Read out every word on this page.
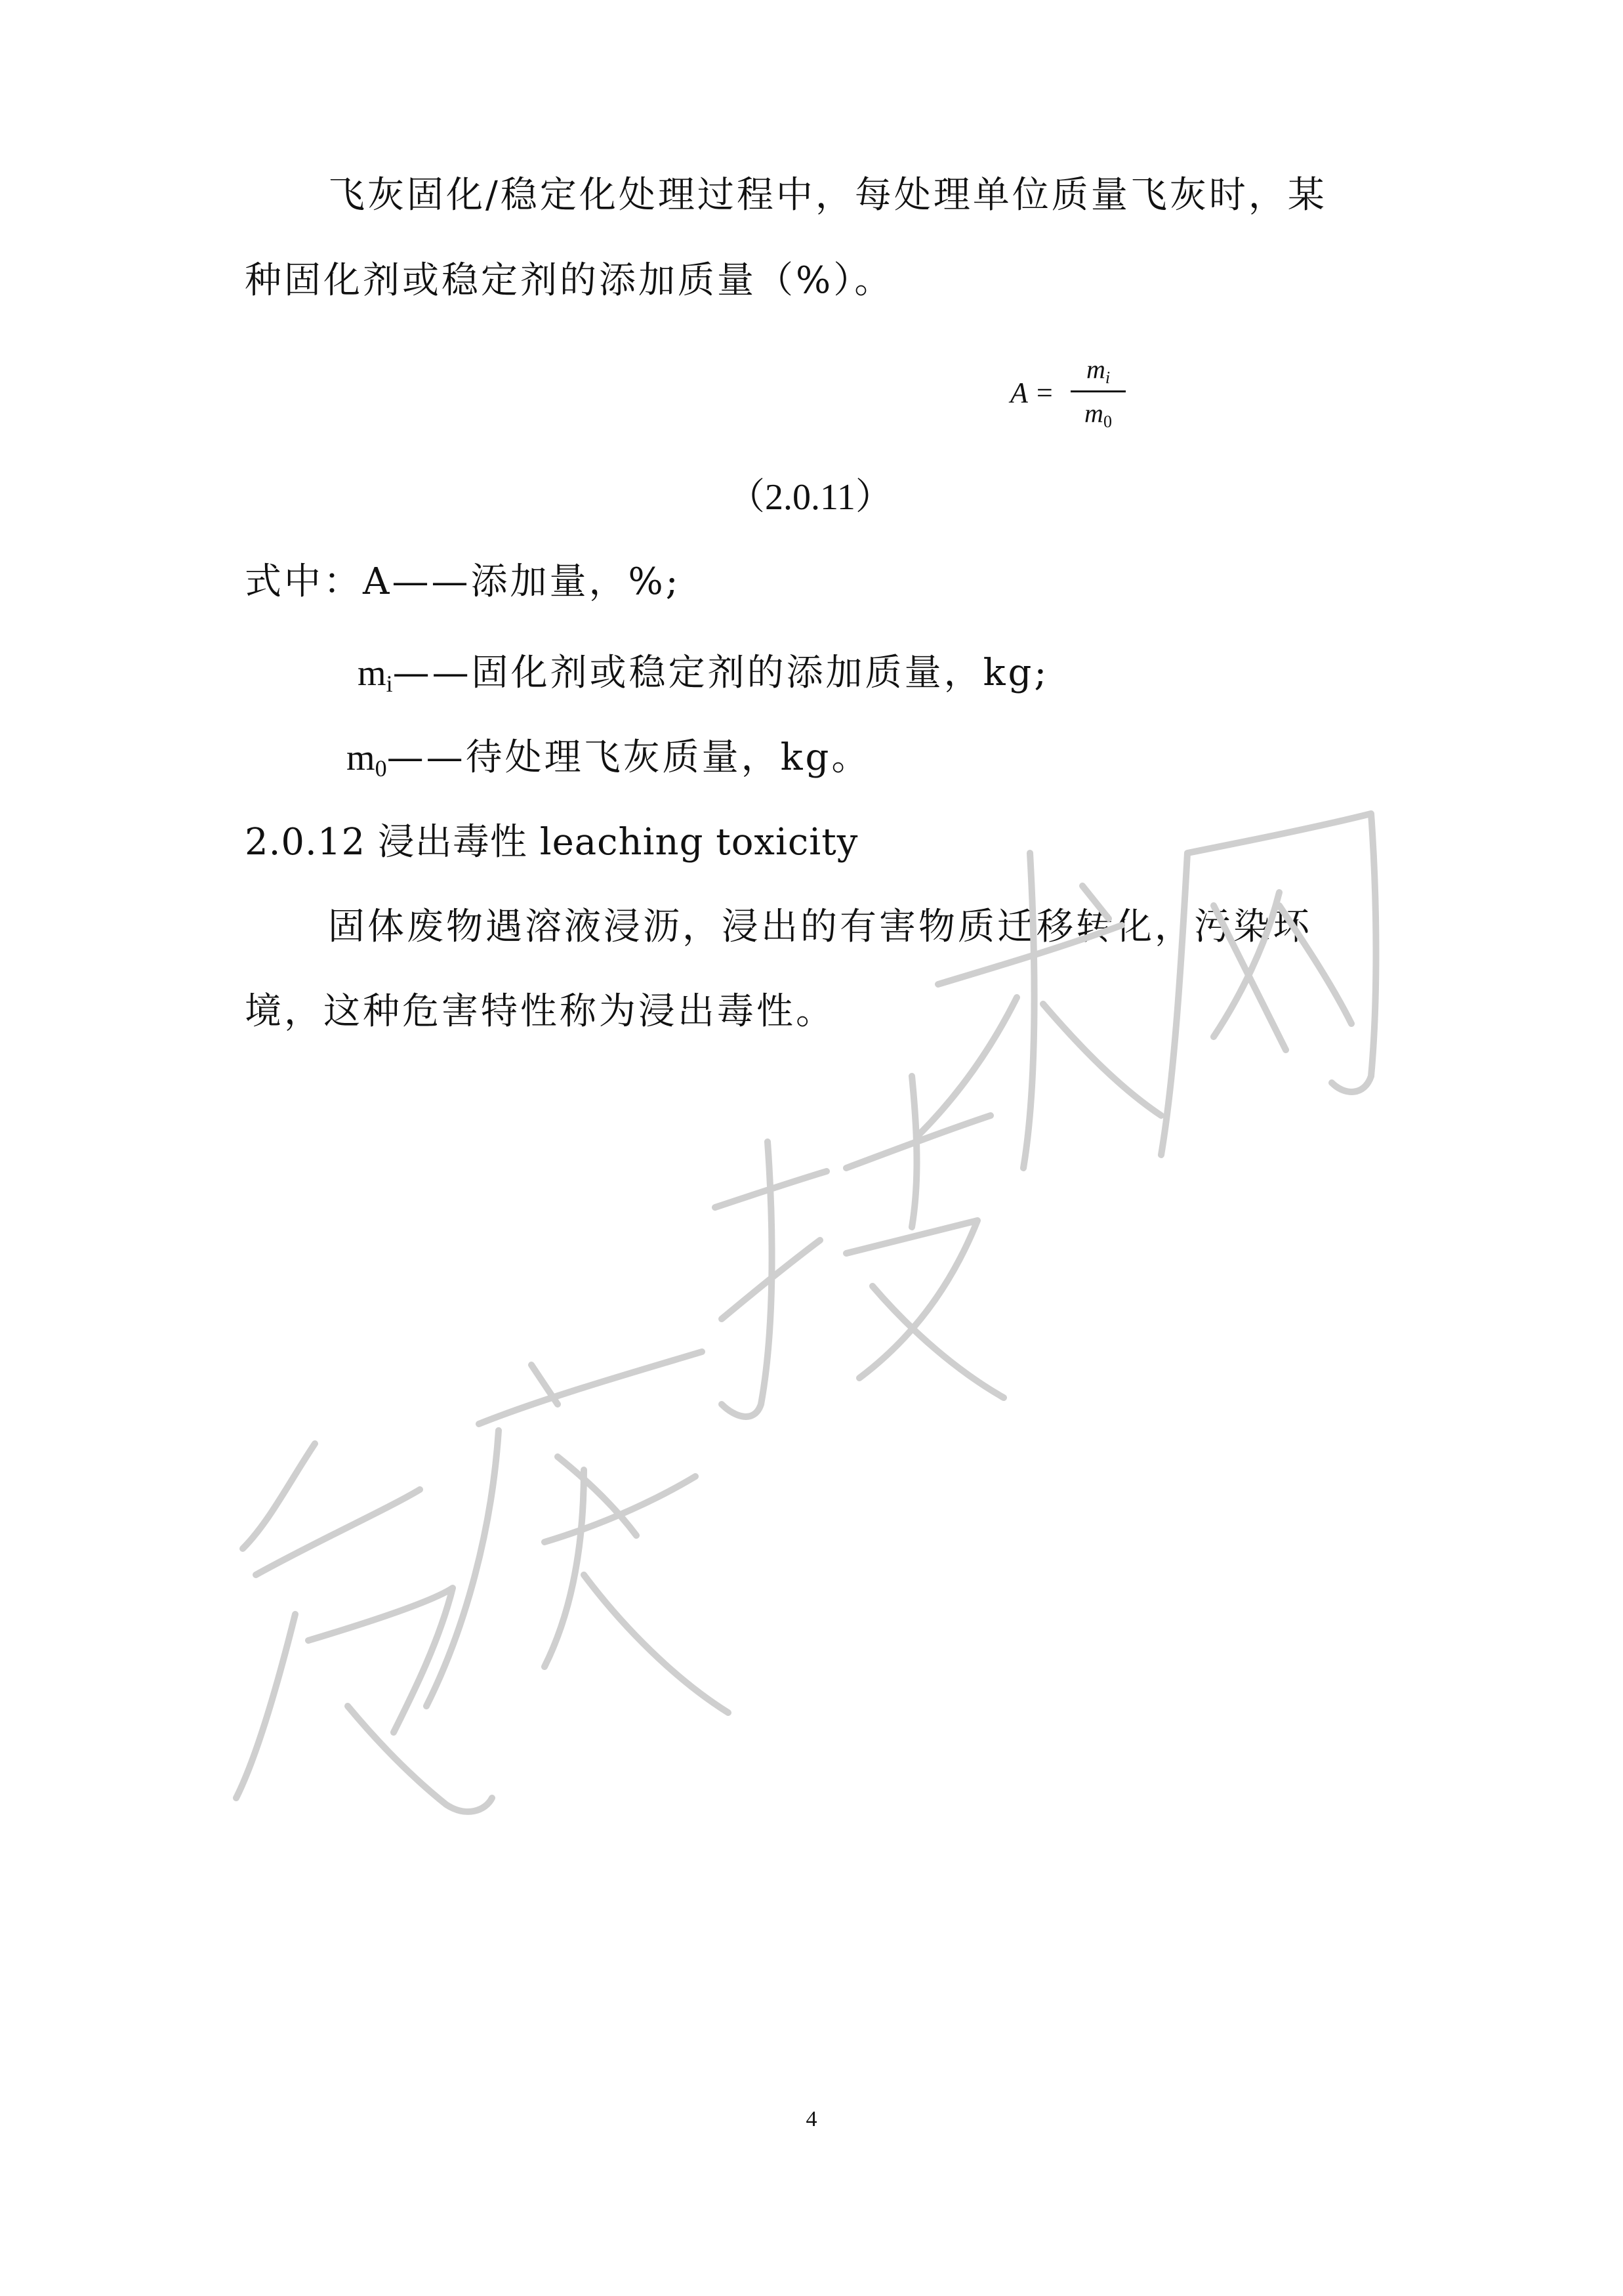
飞灰固化/稳定化处理过程中，每处理单位质量飞灰时，某
种固化剂或稳定剂的添加质量（%）。
A =
$m_i$
$m_0$
（2.0.11）
式中：A——添加量，%;
$m_i——$固化剂或稳定剂的添加质量，kg;
$m_0——$待处理飞灰质量，kg。
2.0.12 浸出毒性 leaching toxicity
固体废物遇溶液浸沥，浸出的有害物质迁移转化，污染环
境，这种危害特性称为浸出毒性。
4
